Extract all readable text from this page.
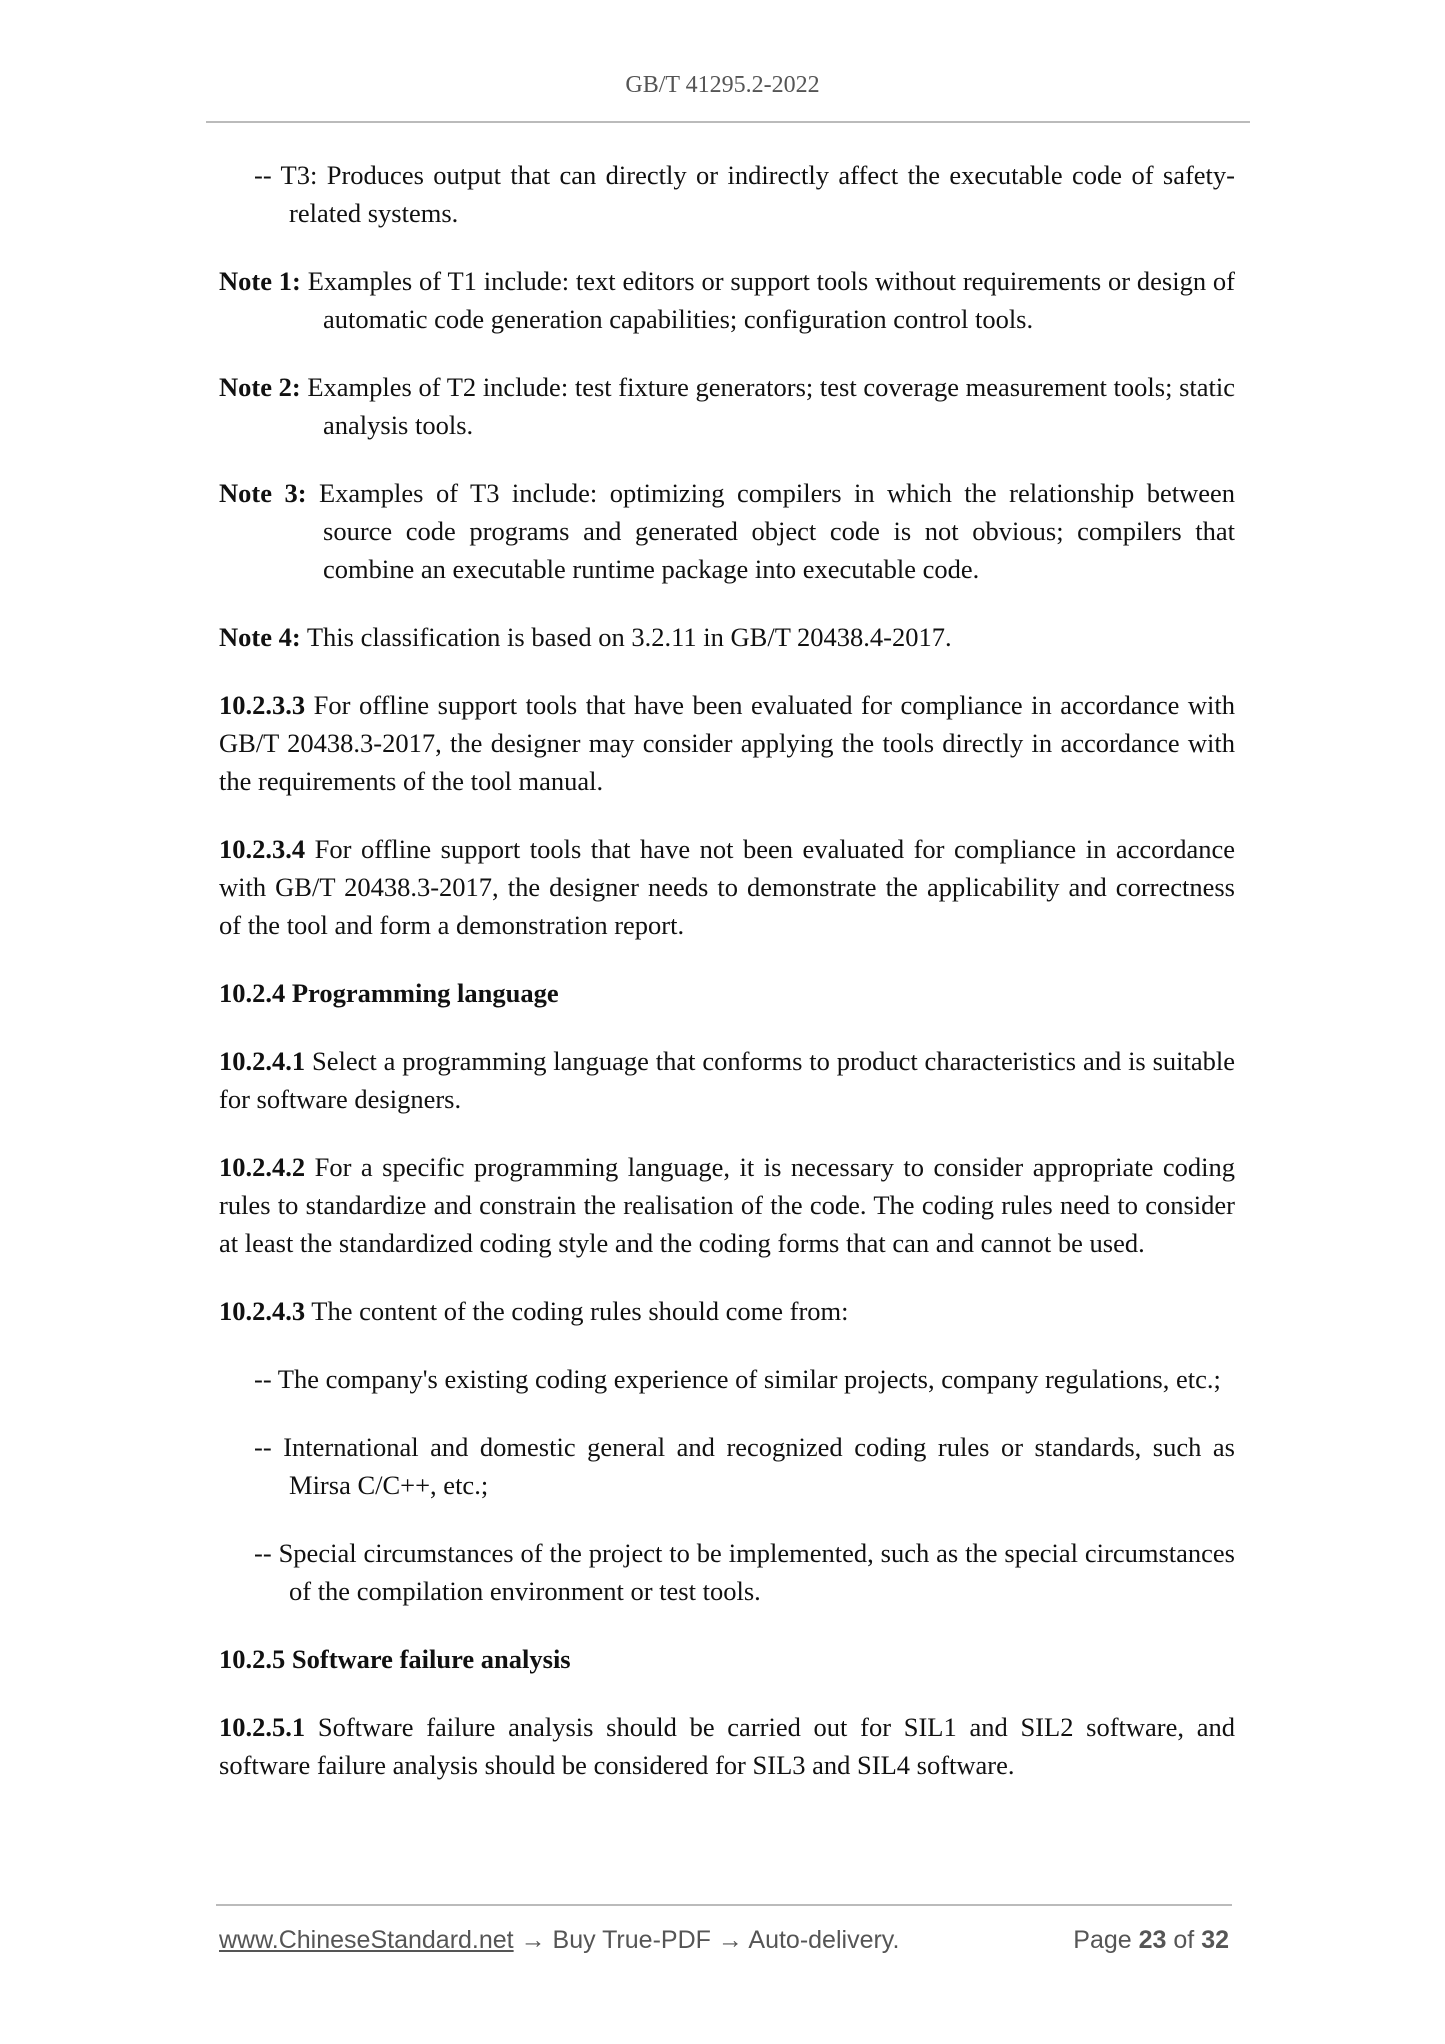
GB/T 41295.2-2022

-- T3: Produces output that can directly or indirectly affect the executable code of safety-related systems.

Note 1: Examples of T1 include: text editors or support tools without requirements or design of automatic code generation capabilities; configuration control tools.

Note 2: Examples of T2 include: test fixture generators; test coverage measurement tools; static analysis tools.

Note 3: Examples of T3 include: optimizing compilers in which the relationship between source code programs and generated object code is not obvious; compilers that combine an executable runtime package into executable code.

Note 4: This classification is based on 3.2.11 in GB/T 20438.4-2017.

10.2.3.3 For offline support tools that have been evaluated for compliance in accordance with GB/T 20438.3-2017, the designer may consider applying the tools directly in accordance with the requirements of the tool manual.

10.2.3.4 For offline support tools that have not been evaluated for compliance in accordance with GB/T 20438.3-2017, the designer needs to demonstrate the applicability and correctness of the tool and form a demonstration report.

10.2.4 Programming language

10.2.4.1 Select a programming language that conforms to product characteristics and is suitable for software designers.

10.2.4.2 For a specific programming language, it is necessary to consider appropriate coding rules to standardize and constrain the realisation of the code. The coding rules need to consider at least the standardized coding style and the coding forms that can and cannot be used.

10.2.4.3 The content of the coding rules should come from:

-- The company's existing coding experience of similar projects, company regulations, etc.;

-- International and domestic general and recognized coding rules or standards, such as Mirsa C/C++, etc.;

-- Special circumstances of the project to be implemented, such as the special circumstances of the compilation environment or test tools.

10.2.5 Software failure analysis

10.2.5.1 Software failure analysis should be carried out for SIL1 and SIL2 software, and software failure analysis should be considered for SIL3 and SIL4 software.

www.ChineseStandard.net → Buy True-PDF → Auto-delivery.	Page 23 of 32
